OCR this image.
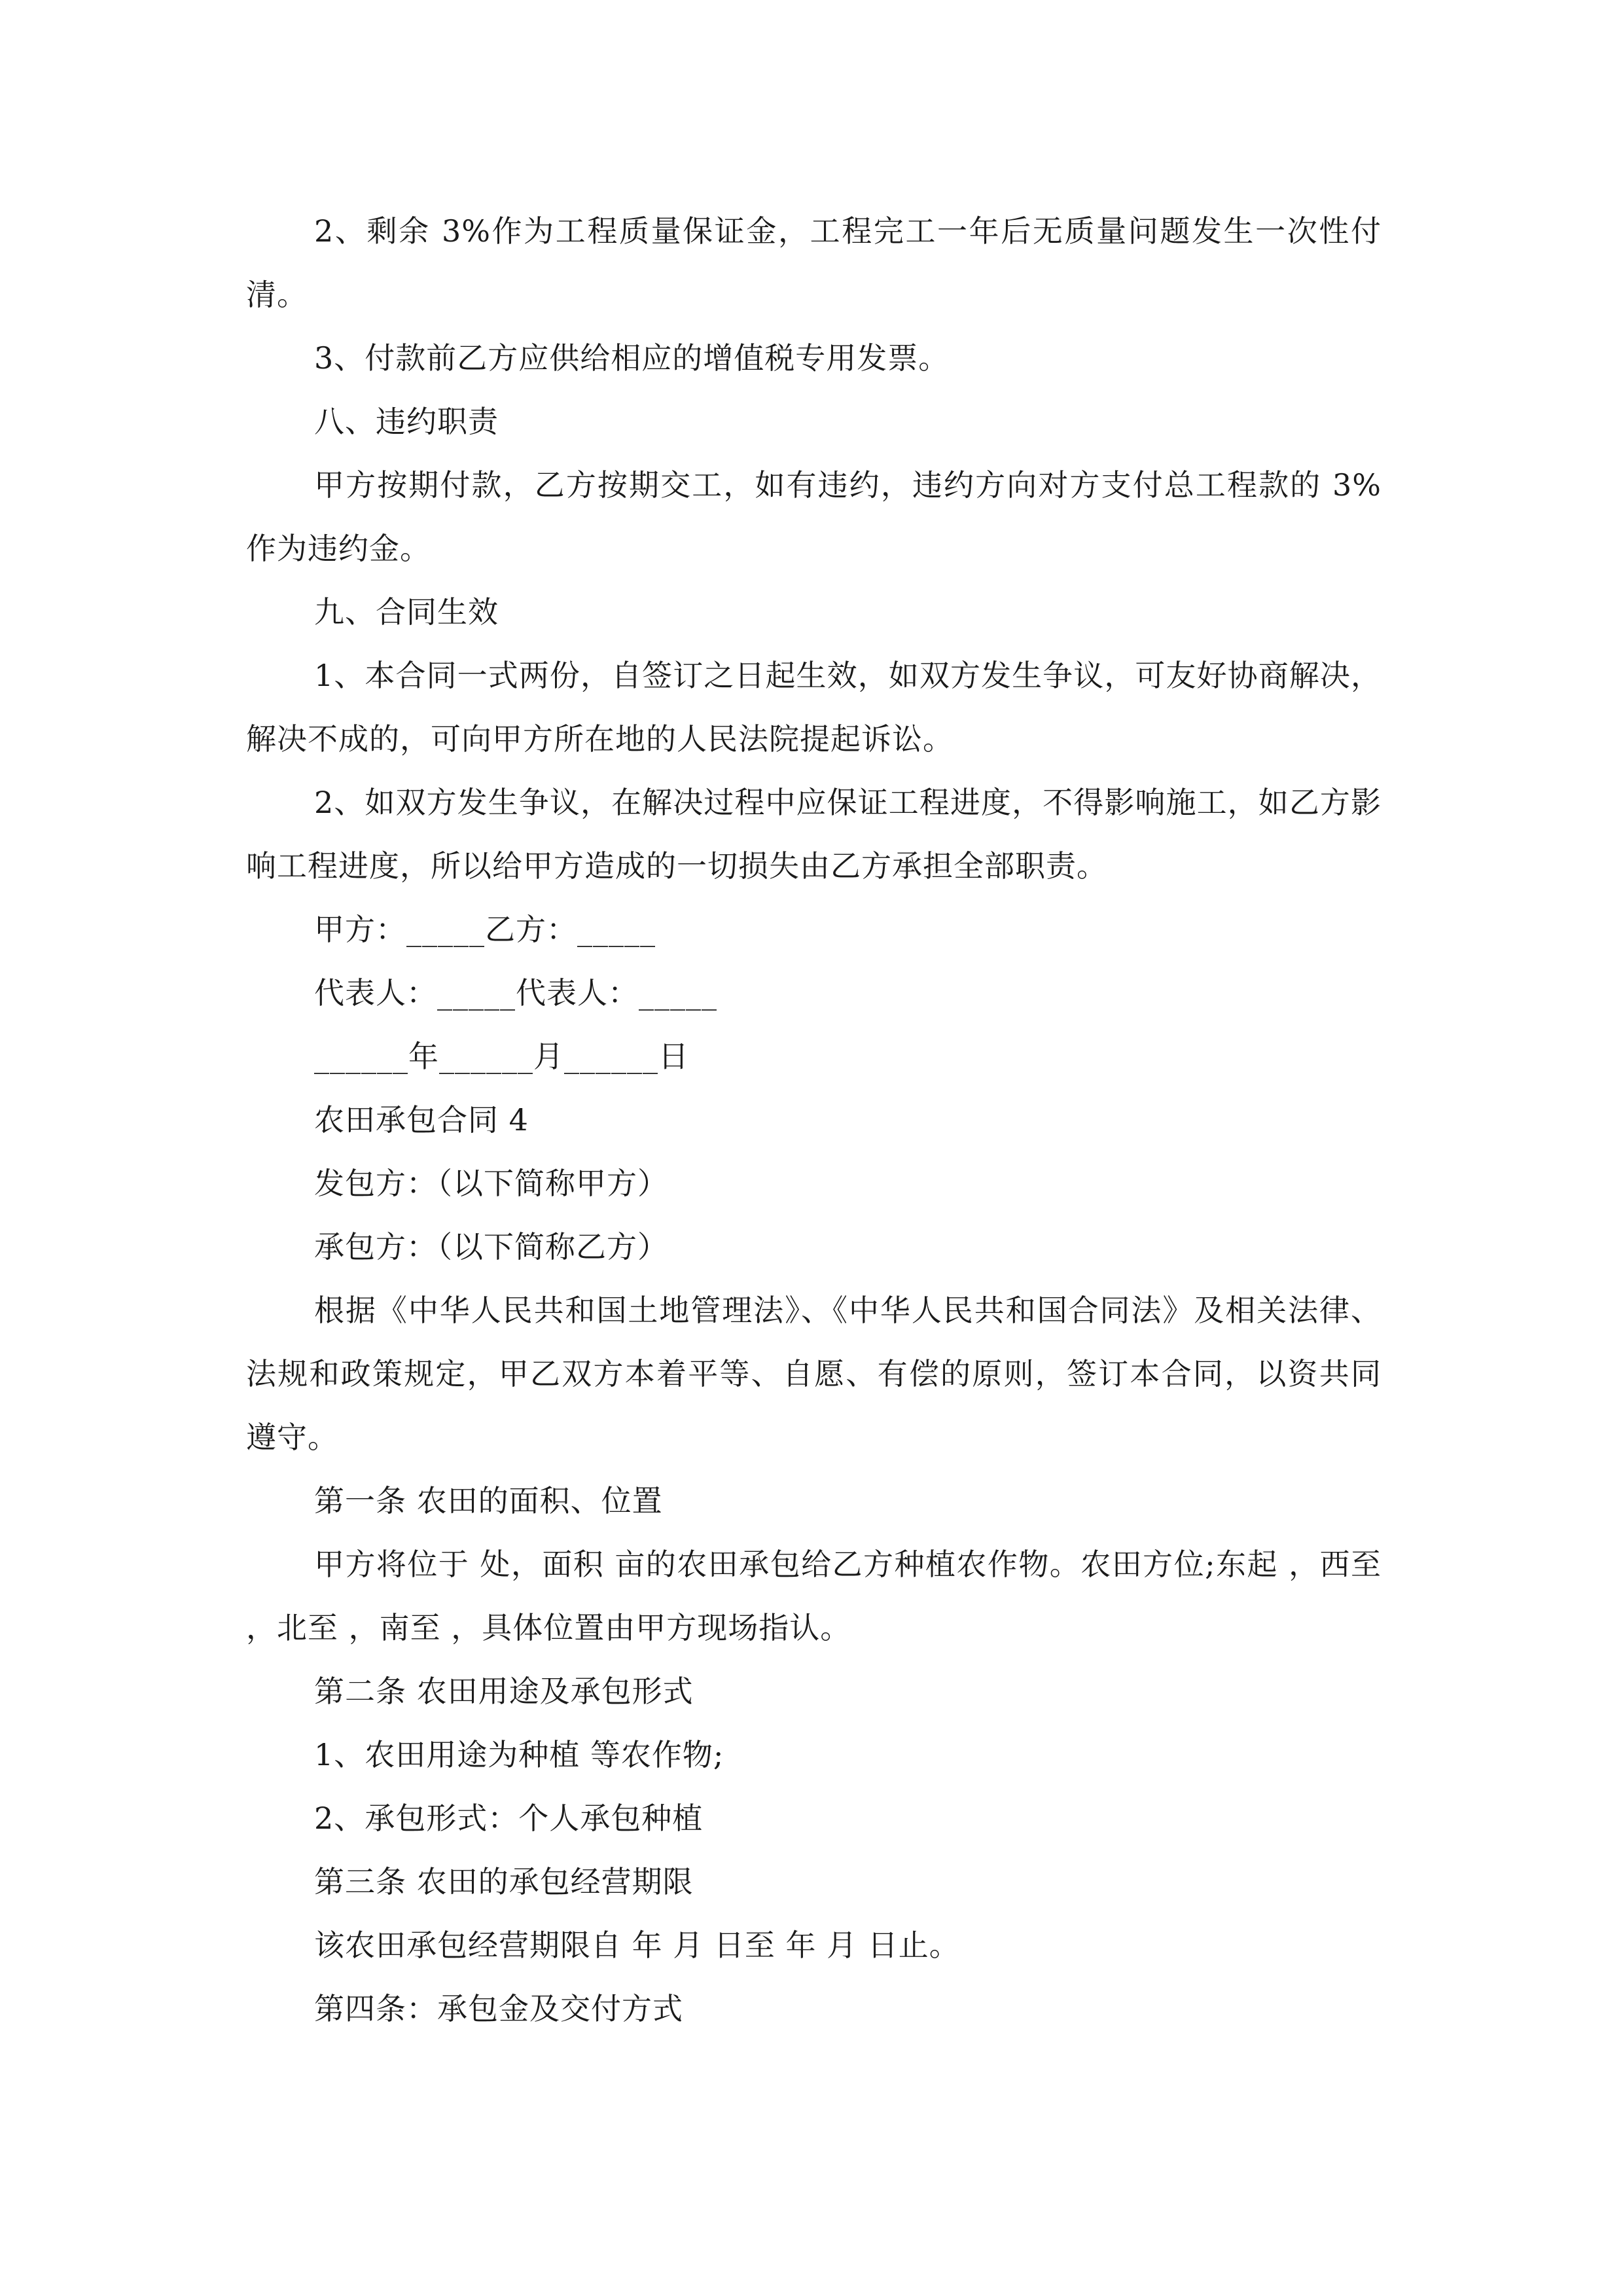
2、剩余 3%作为工程质量保证金，工程完工一年后无质量问题发生一次性付清。

3、付款前乙方应供给相应的增值税专用发票。

八、违约职责

甲方按期付款，乙方按期交工，如有违约，违约方向对方支付总工程款的 3%作为违约金。

九、合同生效

1、本合同一式两份，自签订之日起生效，如双方发生争议，可友好协商解决，解决不成的，可向甲方所在地的人民法院提起诉讼。

2、如双方发生争议，在解决过程中应保证工程进度，不得影响施工，如乙方影响工程进度，所以给甲方造成的一切损失由乙方承担全部职责。

甲方：_____乙方：_____

代表人：_____代表人：_____

______年______月______日

农田承包合同 4

发包方：（以下简称甲方）

承包方：（以下简称乙方）

根据《中华人民共和国土地管理法》、《中华人民共和国合同法》及相关法律、法规和政策规定，甲乙双方本着平等、自愿、有偿的原则，签订本合同，以资共同遵守。

第一条 农田的面积、位置

甲方将位于 处，面积 亩的农田承包给乙方种植农作物。农田方位;东起 ，西至 ，北至 ，南至 ，具体位置由甲方现场指认。

第二条 农田用途及承包形式

1、农田用途为种植 等农作物;

2、承包形式：个人承包种植

第三条 农田的承包经营期限

该农田承包经营期限自 年 月 日至 年 月 日止。

第四条：承包金及交付方式
